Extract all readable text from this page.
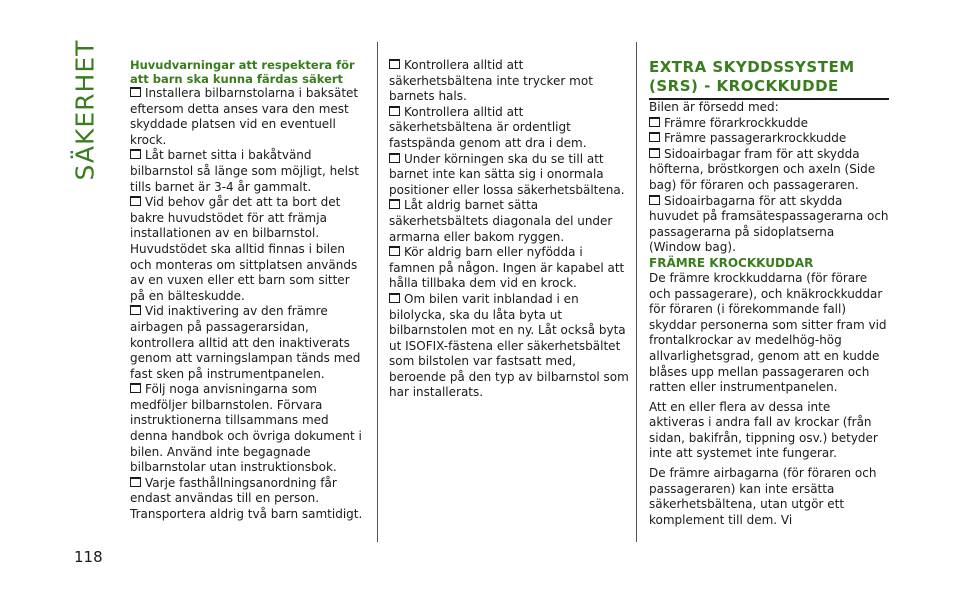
SÄKERHET
118

Huvudvarningar att respektera för att barn ska kunna färdas säkert

Installera bilbarnstolarna i baksätet eftersom detta anses vara den mest skyddade platsen vid en eventuell krock.

Låt barnet sitta i bakåtvänd bilbarnstol så länge som möjligt, helst tills barnet är 3-4 år gammalt.

Vid behov går det att ta bort det bakre huvudstödet för att främja installationen av en bilbarnstol.

Huvudstödet ska alltid finnas i bilen och monteras om sittplatsen används av en vuxen eller ett barn som sitter på en bälteskudde.

Vid inaktivering av den främre airbagen på passagerarsidan, kontrollera alltid att den inaktiverats genom att varningslampan tänds med fast sken på instrumentpanelen.

Följ noga anvisningarna som medföljer bilbarnstolen. Förvara instruktionerna tillsammans med denna handbok och övriga dokument i bilen. Använd inte begagnade bilbarnstolar utan instruktionsbok.

Varje fasthållningsanordning får endast användas till en person. Transportera aldrig två barn samtidigt.

Kontrollera alltid att säkerhetsbältena inte trycker mot barnets hals.

Kontrollera alltid att säkerhetsbältena är ordentligt fastspända genom att dra i dem.

Under körningen ska du se till att barnet inte kan sätta sig i onormala positioner eller lossa säkerhetsbältena.

Låt aldrig barnet sätta säkerhetsbältets diagonala del under armarna eller bakom ryggen.

Kör aldrig barn eller nyfödda i famnen på någon. Ingen är kapabel att hålla tillbaka dem vid en krock.

Om bilen varit inblandad i en bilolycka, ska du låta byta ut bilbarnstolen mot en ny. Låt också byta ut ISOFIX-fästena eller säkerhetsbältet som bilstolen var fastsatt med, beroende på den typ av bilbarnstol som har installerats.

EXTRA SKYDDSSYSTEM (SRS) - KROCKKUDDE

Bilen är försedd med:

Främre förarkrockkudde

Främre passagerarkrockkudde

Sidoairbagar fram för att skydda höfterna, bröstkorgen och axeln (Side bag) för föraren och passageraren.

Sidoairbagarna för att skydda huvudet på framsätespassagerarna och passagerarna på sidoplatserna (Window bag).

FRÄMRE KROCKKUDDAR

De främre krockkuddarna (för förare och passagerare), och knäkrockkuddar för föraren (i förekommande fall) skyddar personerna som sitter fram vid frontalkrockar av medelhög-hög allvarlighetsgrad, genom att en kudde blåses upp mellan passageraren och ratten eller instrumentpanelen.

Att en eller flera av dessa inte aktiveras i andra fall av krockar (från sidan, bakifrån, tippning osv.) betyder inte att systemet inte fungerar.

De främre airbagarna (för föraren och passageraren) kan inte ersätta säkerhetsbältena, utan utgör ett komplement till dem. Vi
